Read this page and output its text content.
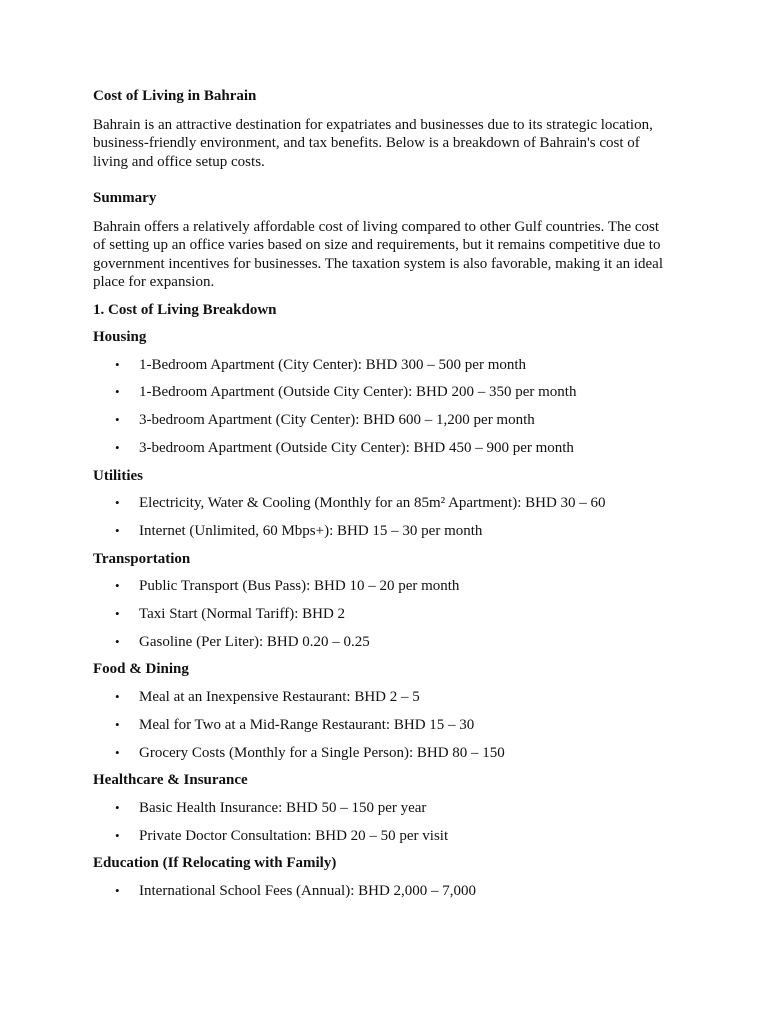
Cost of Living in Bahrain

Bahrain is an attractive destination for expatriates and businesses due to its strategic location, business-friendly environment, and tax benefits. Below is a breakdown of Bahrain's cost of living and office setup costs.

Summary

Bahrain offers a relatively affordable cost of living compared to other Gulf countries. The cost of setting up an office varies based on size and requirements, but it remains competitive due to government incentives for businesses. The taxation system is also favorable, making it an ideal place for expansion.

1. Cost of Living Breakdown

Housing

• 1-Bedroom Apartment (City Center): BHD 300 – 500 per month
• 1-Bedroom Apartment (Outside City Center): BHD 200 – 350 per month
• 3-bedroom Apartment (City Center): BHD 600 – 1,200 per month
• 3-bedroom Apartment (Outside City Center): BHD 450 – 900 per month

Utilities

• Electricity, Water & Cooling (Monthly for an 85m² Apartment): BHD 30 – 60
• Internet (Unlimited, 60 Mbps+): BHD 15 – 30 per month

Transportation

• Public Transport (Bus Pass): BHD 10 – 20 per month
• Taxi Start (Normal Tariff): BHD 2
• Gasoline (Per Liter): BHD 0.20 – 0.25

Food & Dining

• Meal at an Inexpensive Restaurant: BHD 2 – 5
• Meal for Two at a Mid-Range Restaurant: BHD 15 – 30
• Grocery Costs (Monthly for a Single Person): BHD 80 – 150

Healthcare & Insurance

• Basic Health Insurance: BHD 50 – 150 per year
• Private Doctor Consultation: BHD 20 – 50 per visit

Education (If Relocating with Family)

• International School Fees (Annual): BHD 2,000 – 7,000
